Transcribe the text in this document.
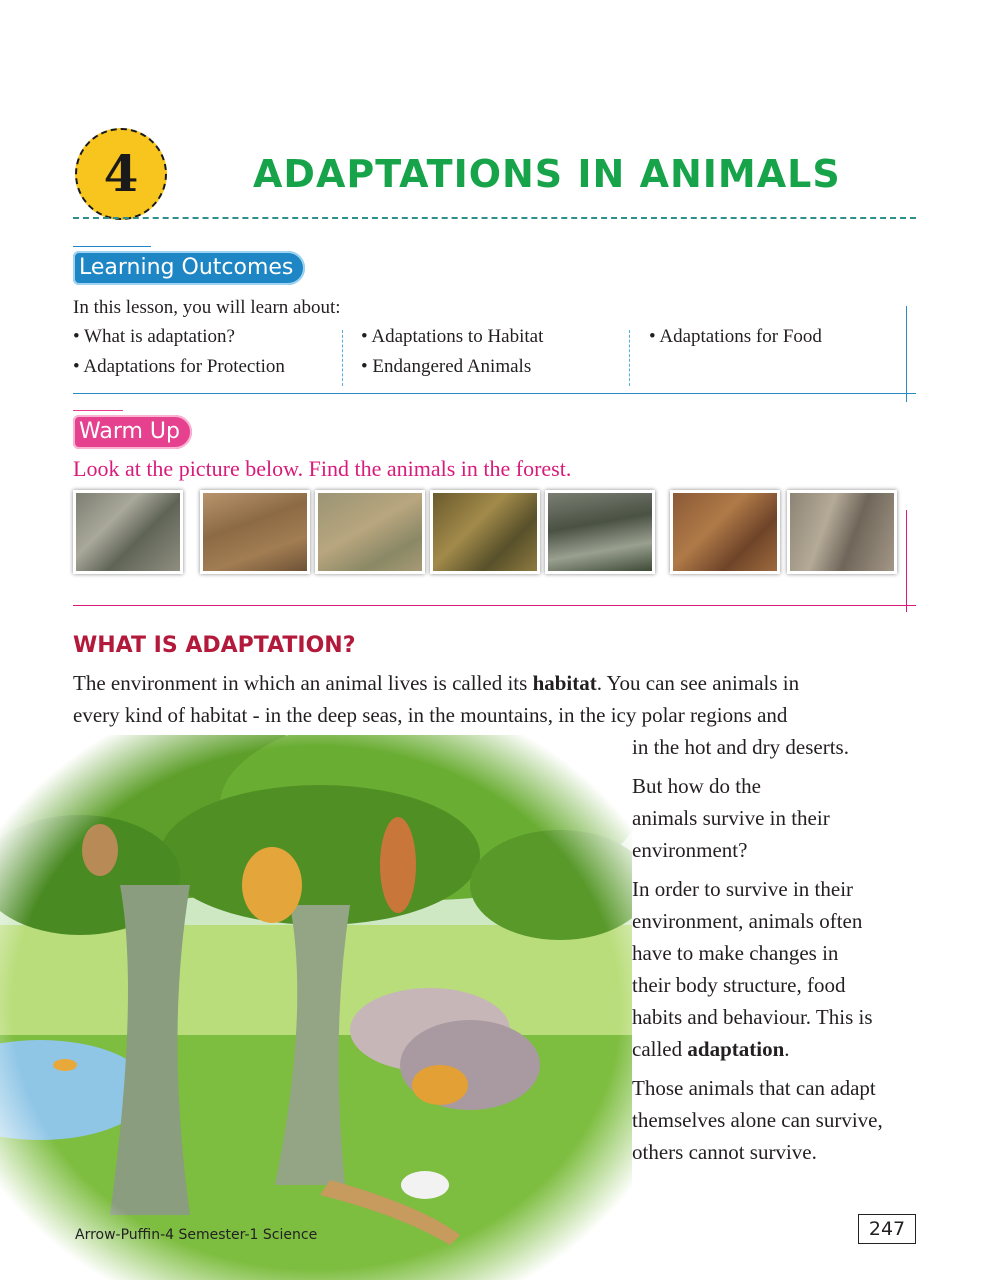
4	ADAPTATIONS IN ANIMALS
Learning Outcomes
In this lesson, you will learn about:
• What is adaptation?	• Adaptations to Habitat	• Adaptations for Food
• Adaptations for Protection	• Endangered Animals
Warm Up
Look at the picture below. Find the animals in the forest.
WHAT IS ADAPTATION?
The environment in which an animal lives is called its habitat. You can see animals in
every kind of habitat - in the deep seas, in the mountains, in the icy polar regions and
in the hot and dry deserts.
But how do the
animals survive in their
environment?
In order to survive in their
environment, animals often
have to make changes in
their body structure, food
habits and behaviour. This is
called adaptation.
Those animals that can adapt
themselves alone can survive,
others cannot survive.
Arrow-Puffin-4 Semester-1 Science	247
